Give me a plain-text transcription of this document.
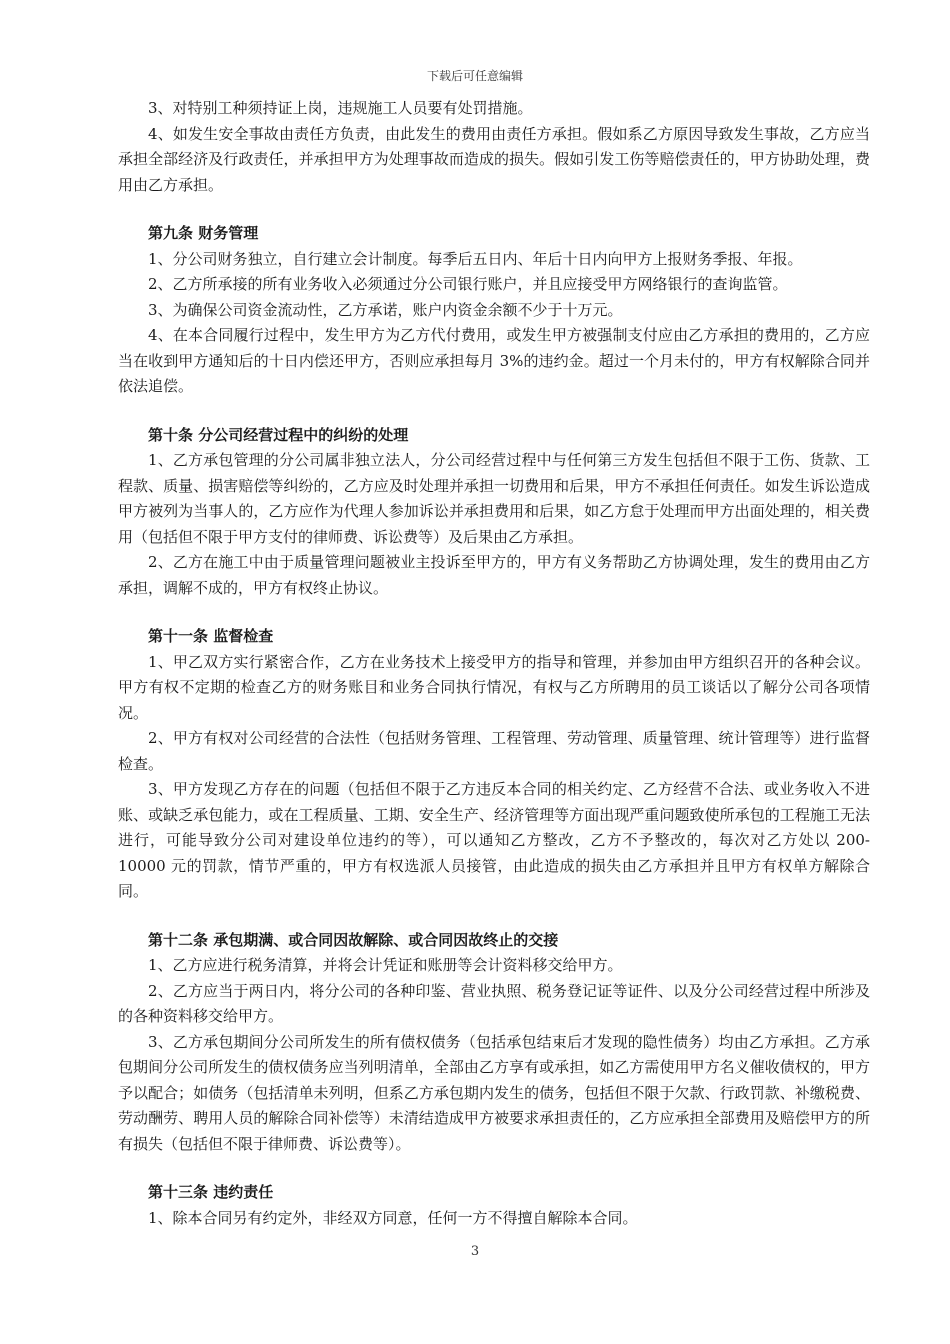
下载后可任意编辑

3、对特别工种须持证上岗，违规施工人员要有处罚措施。

4、如发生安全事故由责任方负责，由此发生的费用由责任方承担。假如系乙方原因导致发生事故，乙方应当承担全部经济及行政责任，并承担甲方为处理事故而造成的损失。假如引发工伤等赔偿责任的，甲方协助处理，费用由乙方承担。

第九条 财务管理

1、分公司财务独立，自行建立会计制度。每季后五日内、年后十日内向甲方上报财务季报、年报。

2、乙方所承接的所有业务收入必须通过分公司银行账户，并且应接受甲方网络银行的查询监管。

3、为确保公司资金流动性，乙方承诺，账户内资金余额不少于十万元。

4、在本合同履行过程中，发生甲方为乙方代付费用，或发生甲方被强制支付应由乙方承担的费用的，乙方应当在收到甲方通知后的十日内偿还甲方，否则应承担每月 3%的违约金。超过一个月未付的，甲方有权解除合同并依法追偿。

第十条 分公司经营过程中的纠纷的处理

1、乙方承包管理的分公司属非独立法人，分公司经营过程中与任何第三方发生包括但不限于工伤、货款、工程款、质量、损害赔偿等纠纷的，乙方应及时处理并承担一切费用和后果，甲方不承担任何责任。如发生诉讼造成甲方被列为当事人的，乙方应作为代理人参加诉讼并承担费用和后果，如乙方怠于处理而甲方出面处理的，相关费用（包括但不限于甲方支付的律师费、诉讼费等）及后果由乙方承担。

2、乙方在施工中由于质量管理问题被业主投诉至甲方的，甲方有义务帮助乙方协调处理，发生的费用由乙方承担，调解不成的，甲方有权终止协议。

第十一条 监督检查

1、甲乙双方实行紧密合作，乙方在业务技术上接受甲方的指导和管理，并参加由甲方组织召开的各种会议。 甲方有权不定期的检查乙方的财务账目和业务合同执行情况，有权与乙方所聘用的员工谈话以了解分公司各项情况。

2、甲方有权对公司经营的合法性（包括财务管理、工程管理、劳动管理、质量管理、统计管理等）进行监督检查。

3、甲方发现乙方存在的问题（包括但不限于乙方违反本合同的相关约定、乙方经营不合法、或业务收入不进账、或缺乏承包能力，或在工程质量、工期、安全生产、经济管理等方面出现严重问题致使所承包的工程施工无法进行，可能导致分公司对建设单位违约的等），可以通知乙方整改，乙方不予整改的，每次对乙方处以 200-10000 元的罚款，情节严重的，甲方有权选派人员接管，由此造成的损失由乙方承担并且甲方有权单方解除合同。

第十二条 承包期满、或合同因故解除、或合同因故终止的交接

1、乙方应进行税务清算，并将会计凭证和账册等会计资料移交给甲方。

2、乙方应当于两日内，将分公司的各种印鉴、营业执照、税务登记证等证件、以及分公司经营过程中所涉及的各种资料移交给甲方。

3、乙方承包期间分公司所发生的所有债权债务（包括承包结束后才发现的隐性债务）均由乙方承担。乙方承包期间分公司所发生的债权债务应当列明清单，全部由乙方享有或承担，如乙方需使用甲方名义催收债权的，甲方予以配合；如债务（包括清单未列明，但系乙方承包期内发生的债务，包括但不限于欠款、行政罚款、补缴税费、劳动酬劳、聘用人员的解除合同补偿等）未清结造成甲方被要求承担责任的，乙方应承担全部费用及赔偿甲方的所有损失（包括但不限于律师费、诉讼费等）。

第十三条 违约责任

1、除本合同另有约定外，非经双方同意，任何一方不得擅自解除本合同。

3
